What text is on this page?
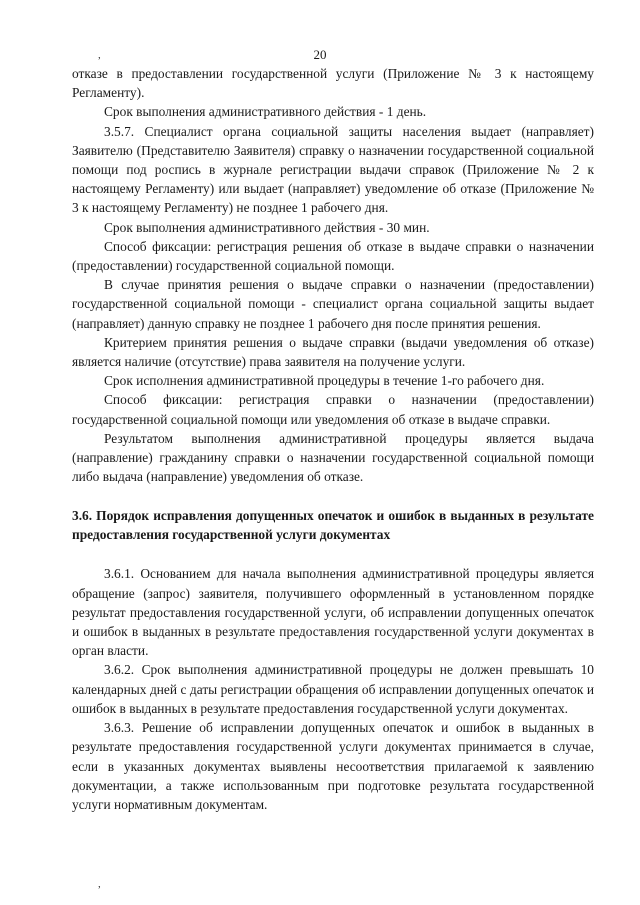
,	20

отказе в предоставлении государственной услуги (Приложение № 3 к настоящему Регламенту).

Срок выполнения административного действия - 1 день.

3.5.7. Специалист органа социальной защиты населения выдает (направляет) Заявителю (Представителю Заявителя) справку о назначении государственной социальной помощи под роспись в журнале регистрации выдачи справок (Приложение № 2 к настоящему Регламенту) или выдает (направляет) уведомление об отказе (Приложение № 3 к настоящему Регламенту) не позднее 1 рабочего дня.

Срок выполнения административного действия - 30 мин.

Способ фиксации: регистрация решения об отказе в выдаче справки о назначении (предоставлении) государственной социальной помощи.

В случае принятия решения о выдаче справки о назначении (предоставлении) государственной социальной помощи - специалист органа социальной защиты выдает (направляет) данную справку не позднее 1 рабочего дня после принятия решения.

Критерием принятия решения о выдаче справки (выдачи уведомления об отказе) является наличие (отсутствие) права заявителя на получение услуги.

Срок исполнения административной процедуры в течение 1-го рабочего дня.

Способ фиксации: регистрация справки о назначении (предоставлении) государственной социальной помощи или уведомления об отказе в выдаче справки.

Результатом выполнения административной процедуры является выдача (направление) гражданину справки о назначении государственной социальной помощи либо выдача (направление) уведомления об отказе.

3.6. Порядок исправления допущенных опечаток и ошибок в выданных в результате предоставления государственной услуги документах

3.6.1. Основанием для начала выполнения административной процедуры является обращение (запрос) заявителя, получившего оформленный в установленном порядке результат предоставления государственной услуги, об исправлении допущенных опечаток и ошибок в выданных в результате предоставления государственной услуги документах в орган власти.

3.6.2. Срок выполнения административной процедуры не должен превышать 10 календарных дней с даты регистрации обращения об исправлении допущенных опечаток и ошибок в выданных в результате предоставления государственной услуги документах.

3.6.3. Решение об исправлении допущенных опечаток и ошибок в выданных в результате предоставления государственной услуги документах принимается в случае, если в указанных документах выявлены несоответствия прилагаемой к заявлению документации, а также использованным при подготовке результата государственной услуги нормативным документам.

,
